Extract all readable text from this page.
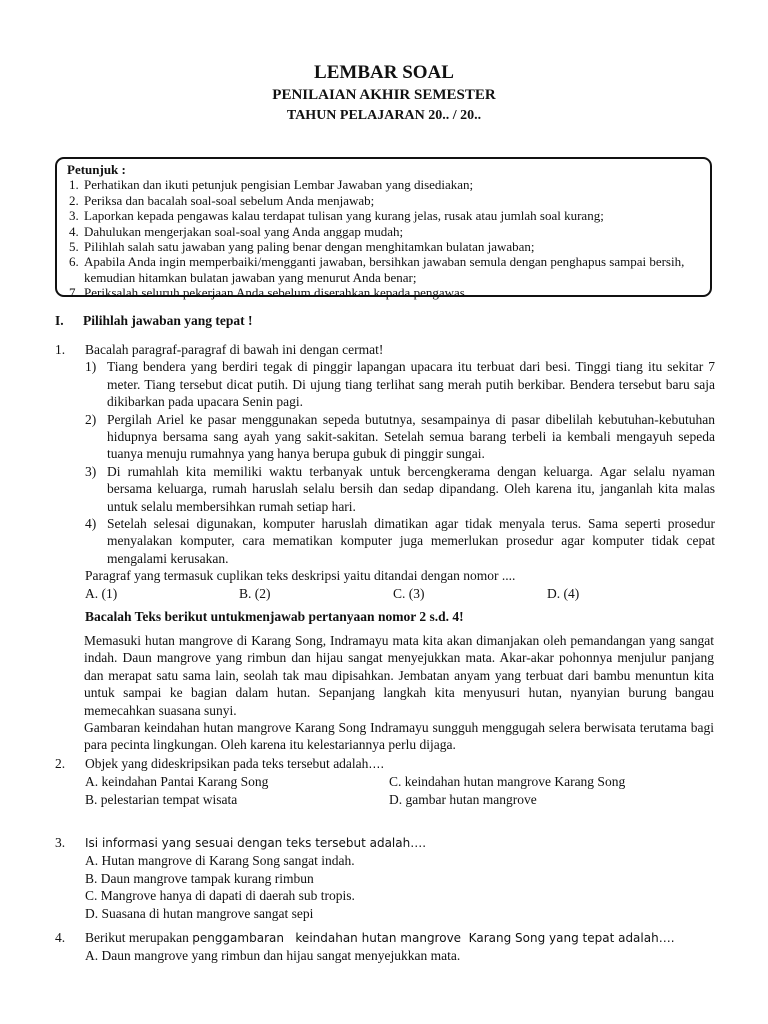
LEMBAR SOAL
PENILAIAN AKHIR SEMESTER
TAHUN PELAJARAN 20.. / 20..
Petunjuk :
1. Perhatikan dan ikuti petunjuk pengisian Lembar Jawaban yang disediakan;
2. Periksa dan bacalah soal-soal sebelum Anda menjawab;
3. Laporkan kepada pengawas kalau terdapat tulisan yang kurang jelas, rusak atau jumlah soal kurang;
4. Dahulukan mengerjakan soal-soal yang Anda anggap mudah;
5. Pilihlah salah satu jawaban yang paling benar dengan menghitamkan bulatan jawaban;
6. Apabila Anda ingin memperbaiki/mengganti jawaban, bersihkan jawaban semula dengan penghapus sampai bersih, kemudian hitamkan bulatan jawaban yang menurut Anda benar;
7. Periksalah seluruh pekerjaan Anda sebelum diserahkan kepada pengawas.
I. Pilihlah jawaban yang tepat !
1. Bacalah paragraf-paragraf di bawah ini dengan cermat!
1) Tiang bendera yang berdiri tegak di pinggir lapangan upacara itu terbuat dari besi. Tinggi tiang itu sekitar 7 meter. Tiang tersebut dicat putih. Di ujung tiang terlihat sang merah putih berkibar. Bendera tersebut baru saja dikibarkan pada upacara Senin pagi.
2) Pergilah Ariel ke pasar menggunakan sepeda bututnya, sesampainya di pasar dibelilah kebutuhan-kebutuhan hidupnya bersama sang ayah yang sakit-sakitan. Setelah semua barang terbeli ia kembali mengayuh sepeda tuanya menuju rumahnya yang hanya berupa gubuk di pinggir sungai.
3) Di rumahlah kita memiliki waktu terbanyak untuk bercengkerama dengan keluarga. Agar selalu nyaman bersama keluarga, rumah haruslah selalu bersih dan sedap dipandang. Oleh karena itu, janganlah kita malas untuk selalu membersihkan rumah setiap hari.
4) Setelah selesai digunakan, komputer haruslah dimatikan agar tidak menyala terus. Sama seperti prosedur menyalakan komputer, cara mematikan komputer juga memerlukan prosedur agar komputer tidak cepat mengalami kerusakan.
Paragraf yang termasuk cuplikan teks deskripsi yaitu ditandai dengan nomor ....
A. (1)	B. (2)	C. (3)	D. (4)
Bacalah Teks berikut untukmenjawab pertanyaan nomor 2 s.d. 4!
Memasuki hutan mangrove di Karang Song, Indramayu mata kita akan dimanjakan oleh pemandangan yang sangat indah. Daun mangrove yang rimbun dan hijau sangat menyejukkan mata. Akar-akar pohonnya menjulur panjang dan merapat satu sama lain, seolah tak mau dipisahkan. Jembatan anyam yang terbuat dari bambu menuntun kita untuk sampai ke bagian dalam hutan. Sepanjang langkah kita menyusuri hutan, nyanyian burung bangau memecahkan suasana sunyi.
Gambaran keindahan hutan mangrove Karang Song Indramayu sungguh menggugah selera berwisata terutama bagi para pecinta lingkungan. Oleh karena itu kelestariannya perlu dijaga.
2. Objek yang dideskripsikan pada teks tersebut adalah….
A. keindahan Pantai Karang Song	C. keindahan hutan mangrove Karang Song
B. pelestarian tempat wisata	D. gambar hutan mangrove
3. Isi informasi yang sesuai dengan teks tersebut adalah….
A. Hutan mangrove di Karang Song sangat indah.
B. Daun mangrove tampak kurang rimbun
C. Mangrove hanya di dapati di daerah sub tropis.
D. Suasana di hutan mangrove sangat sepi
4. Berikut merupakan penggambaran   keindahan hutan mangrove  Karang Song yang tepat adalah….
A. Daun mangrove yang rimbun dan hijau sangat menyejukkan mata.
